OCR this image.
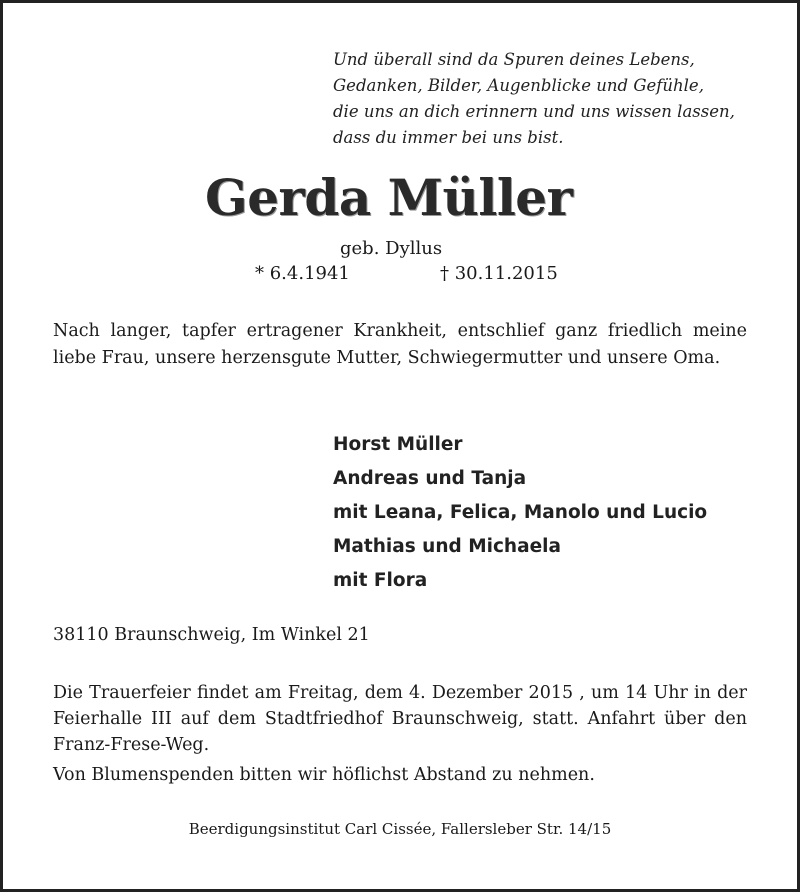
Und überall sind da Spuren deines Lebens,
Gedanken, Bilder, Augenblicke und Gefühle,
die uns an dich erinnern und uns wissen lassen,
dass du immer bei uns bist.
Gerda Müller
geb. Dyllus
* 6.4.1941	† 30.11.2015
Nach langer, tapfer ertragener Krankheit, entschlief ganz friedlich meine liebe Frau, unsere herzensgute Mutter, Schwiegermutter und unsere Oma.
Horst Müller
Andreas und Tanja
mit Leana, Felica, Manolo und Lucio
Mathias und Michaela
mit Flora
38110 Braunschweig, Im Winkel 21
Die Trauerfeier findet am Freitag, dem 4. Dezember 2015 , um 14 Uhr in der Feierhalle III auf dem Stadtfriedhof Braunschweig, statt. Anfahrt über den Franz-Frese-Weg.
Von Blumenspenden bitten wir höflichst Abstand zu nehmen.
Beerdigungsinstitut Carl Cissée, Fallersleber Str. 14/15
